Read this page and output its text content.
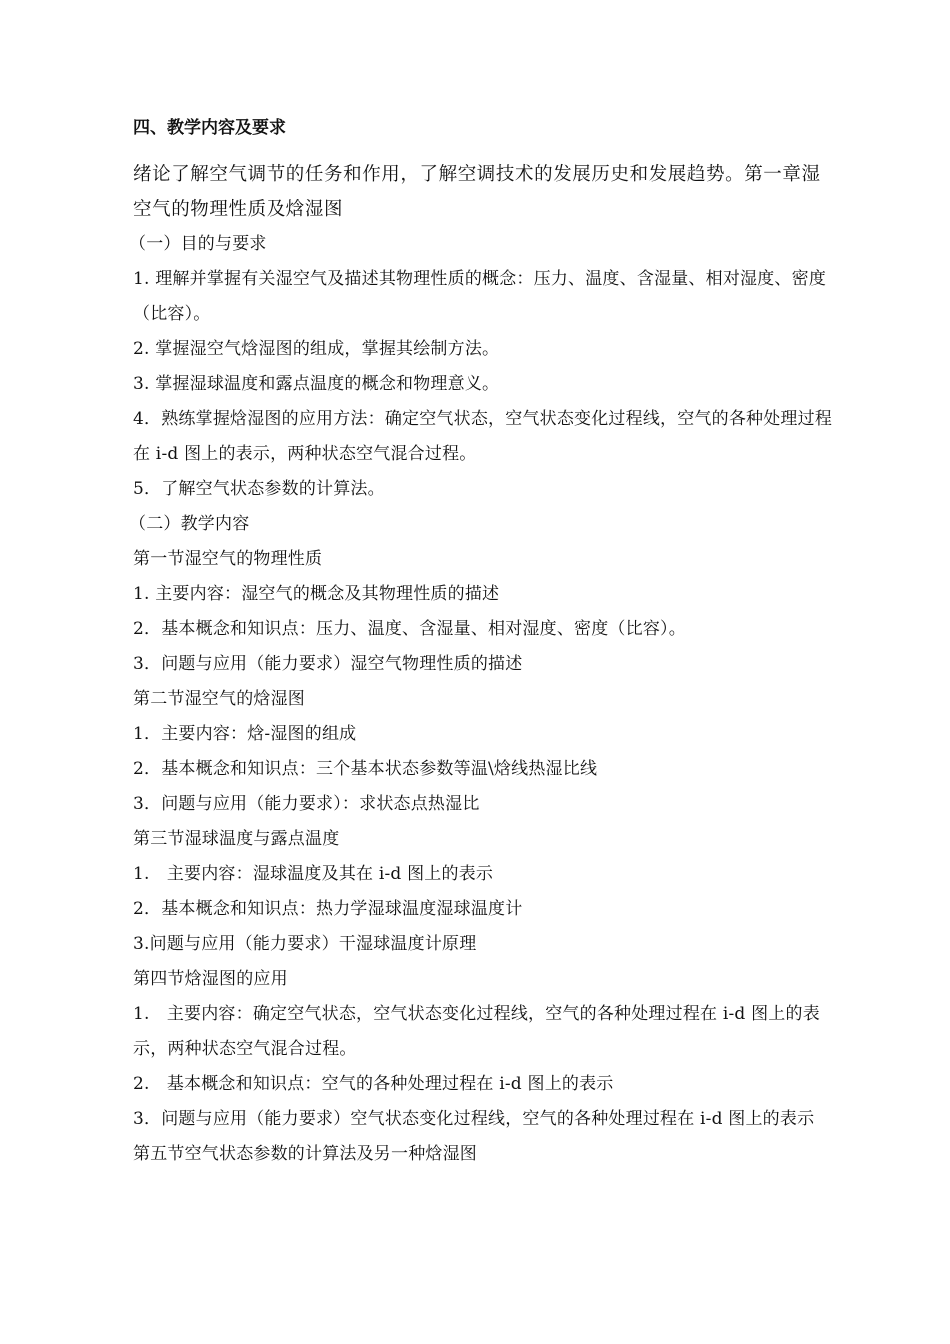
四、教学内容及要求

绪论了解空气调节的任务和作用，了解空调技术的发展历史和发展趋势。第一章湿空气的物理性质及焓湿图

（一）目的与要求

1. 理解并掌握有关湿空气及描述其物理性质的概念：压力、温度、含湿量、相对湿度、密度（比容）。

2. 掌握湿空气焓湿图的组成，掌握其绘制方法。

3. 掌握湿球温度和露点温度的概念和物理意义。

4．熟练掌握焓湿图的应用方法：确定空气状态，空气状态变化过程线，空气的各种处理过程在 i-d 图上的表示，两种状态空气混合过程。

5．了解空气状态参数的计算法。

（二）教学内容

第一节湿空气的物理性质

1. 主要内容：湿空气的概念及其物理性质的描述

2．基本概念和知识点：压力、温度、含湿量、相对湿度、密度（比容）。

3．问题与应用（能力要求）湿空气物理性质的描述

第二节湿空气的焓湿图

1．主要内容：焓-湿图的组成

2．基本概念和知识点：三个基本状态参数等温\焓线热湿比线

3．问题与应用（能力要求）：求状态点热湿比

第三节湿球温度与露点温度

1.　主要内容：湿球温度及其在 i-d 图上的表示

2．基本概念和知识点：热力学湿球温度湿球温度计

3.问题与应用（能力要求）干湿球温度计原理

第四节焓湿图的应用

1.　主要内容：确定空气状态，空气状态变化过程线，空气的各种处理过程在 i-d 图上的表示，两种状态空气混合过程。

2.　基本概念和知识点：空气的各种处理过程在 i-d 图上的表示

3．问题与应用（能力要求）空气状态变化过程线，空气的各种处理过程在 i-d 图上的表示

第五节空气状态参数的计算法及另一种焓湿图
